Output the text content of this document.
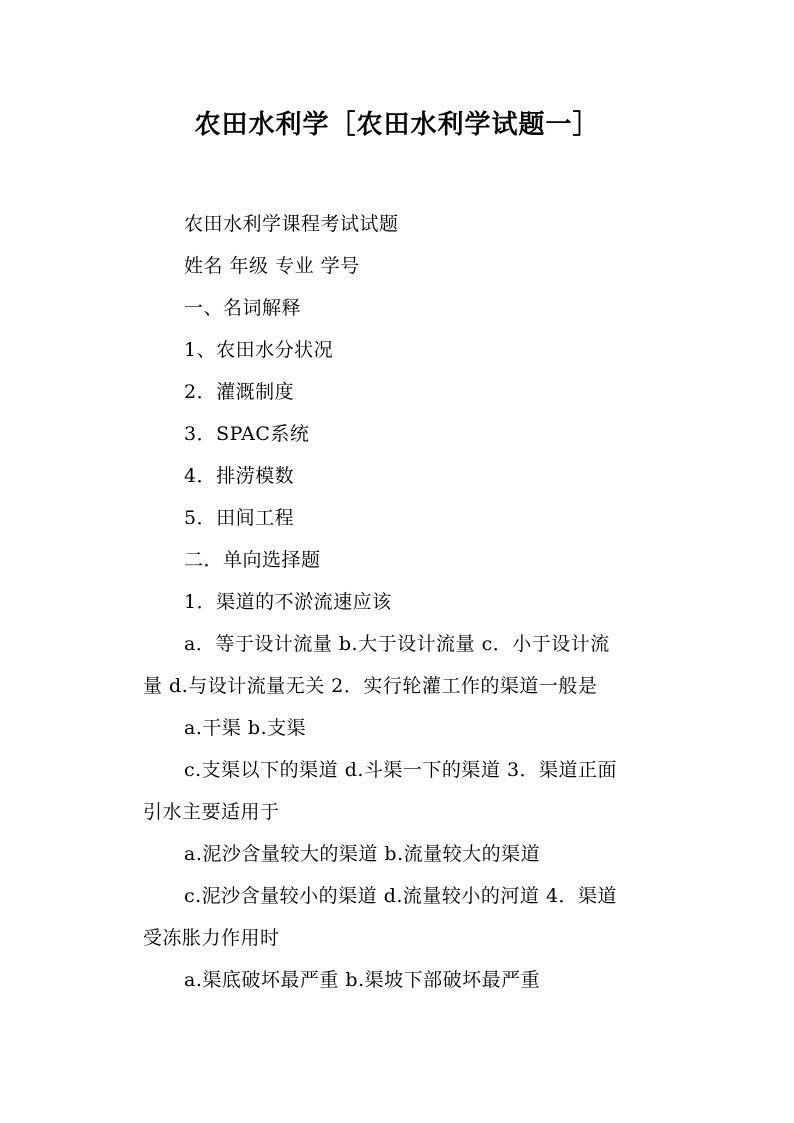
农田水利学［农田水利学试题一］
农田水利学课程考试试题
姓名 年级 专业 学号
一、名词解释
1、农田水分状况
2．灌溉制度
3．SPAC系统
4．排涝模数
5．田间工程
二．单向选择题
1．渠道的不淤流速应该
a．等于设计流量 b.大于设计流量 c．小于设计流
量 d.与设计流量无关 2．实行轮灌工作的渠道一般是
a.干渠 b.支渠
c.支渠以下的渠道 d.斗渠一下的渠道 3．渠道正面
引水主要适用于
a.泥沙含量较大的渠道 b.流量较大的渠道
c.泥沙含量较小的渠道 d.流量较小的河道 4．渠道
受冻胀力作用时
a.渠底破坏最严重 b.渠坡下部破坏最严重
